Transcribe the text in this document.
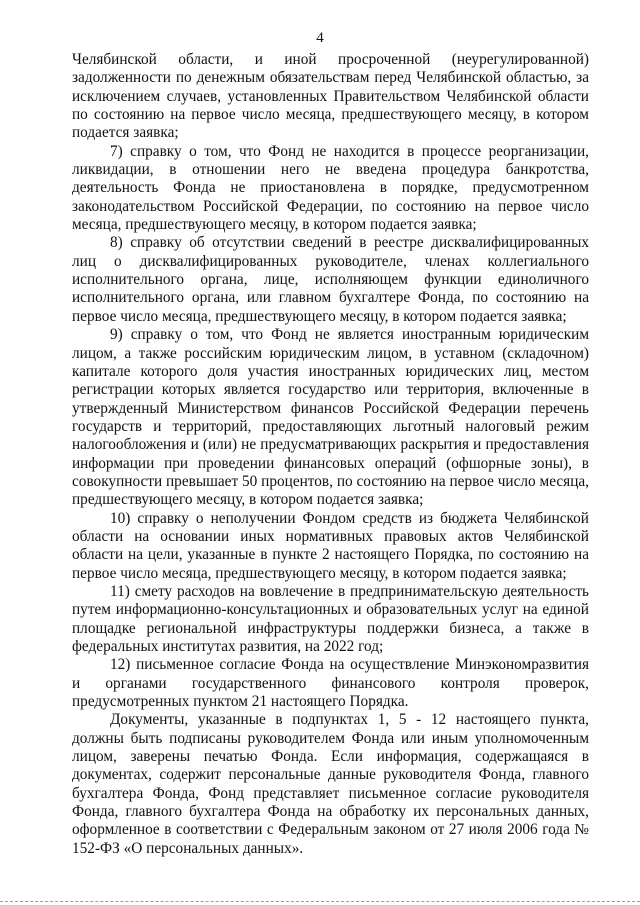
4

Челябинской области, и иной просроченной (неурегулированной) задолженности по денежным обязательствам перед Челябинской областью, за исключением случаев, установленных Правительством Челябинской области по состоянию на первое число месяца, предшествующего месяцу, в котором подается заявка;

7) справку о том, что Фонд не находится в процессе реорганизации, ликвидации, в отношении него не введена процедура банкротства, деятельность Фонда не приостановлена в порядке, предусмотренном законодательством Российской Федерации, по состоянию на первое число месяца, предшествующего месяцу, в котором подается заявка;

8) справку об отсутствии сведений в реестре дисквалифицированных лиц о дисквалифицированных руководителе, членах коллегиального исполнительного органа, лице, исполняющем функции единоличного исполнительного органа, или главном бухгалтере Фонда, по состоянию на первое число месяца, предшествующего месяцу, в котором подается заявка;

9) справку о том, что Фонд не является иностранным юридическим лицом, а также российским юридическим лицом, в уставном (складочном) капитале которого доля участия иностранных юридических лиц, местом регистрации которых является государство или территория, включенные в утвержденный Министерством финансов Российской Федерации перечень государств и территорий, предоставляющих льготный налоговый режим налогообложения и (или) не предусматривающих раскрытия и предоставления информации при проведении финансовых операций (офшорные зоны), в совокупности превышает 50 процентов, по состоянию на первое число месяца, предшествующего месяцу, в котором подается заявка;

10) справку о неполучении Фондом средств из бюджета Челябинской области на основании иных нормативных правовых актов Челябинской области на цели, указанные в пункте 2 настоящего Порядка, по состоянию на первое число месяца, предшествующего месяцу, в котором подается заявка;

11) смету расходов на вовлечение в предпринимательскую деятельность путем информационно-консультационных и образовательных услуг на единой площадке региональной инфраструктуры поддержки бизнеса, а также в федеральных институтах развития, на 2022 год;

12) письменное согласие Фонда на осуществление Минэкономразвития и органами государственного финансового контроля проверок, предусмотренных пунктом 21 настоящего Порядка.

Документы, указанные в подпунктах 1, 5 - 12 настоящего пункта, должны быть подписаны руководителем Фонда или иным уполномоченным лицом, заверены печатью Фонда. Если информация, содержащаяся в документах, содержит персональные данные руководителя Фонда, главного бухгалтера Фонда, Фонд представляет письменное согласие руководителя Фонда, главного бухгалтера Фонда на обработку их персональных данных, оформленное в соответствии с Федеральным законом от 27 июля 2006 года № 152-ФЗ «О персональных данных».
